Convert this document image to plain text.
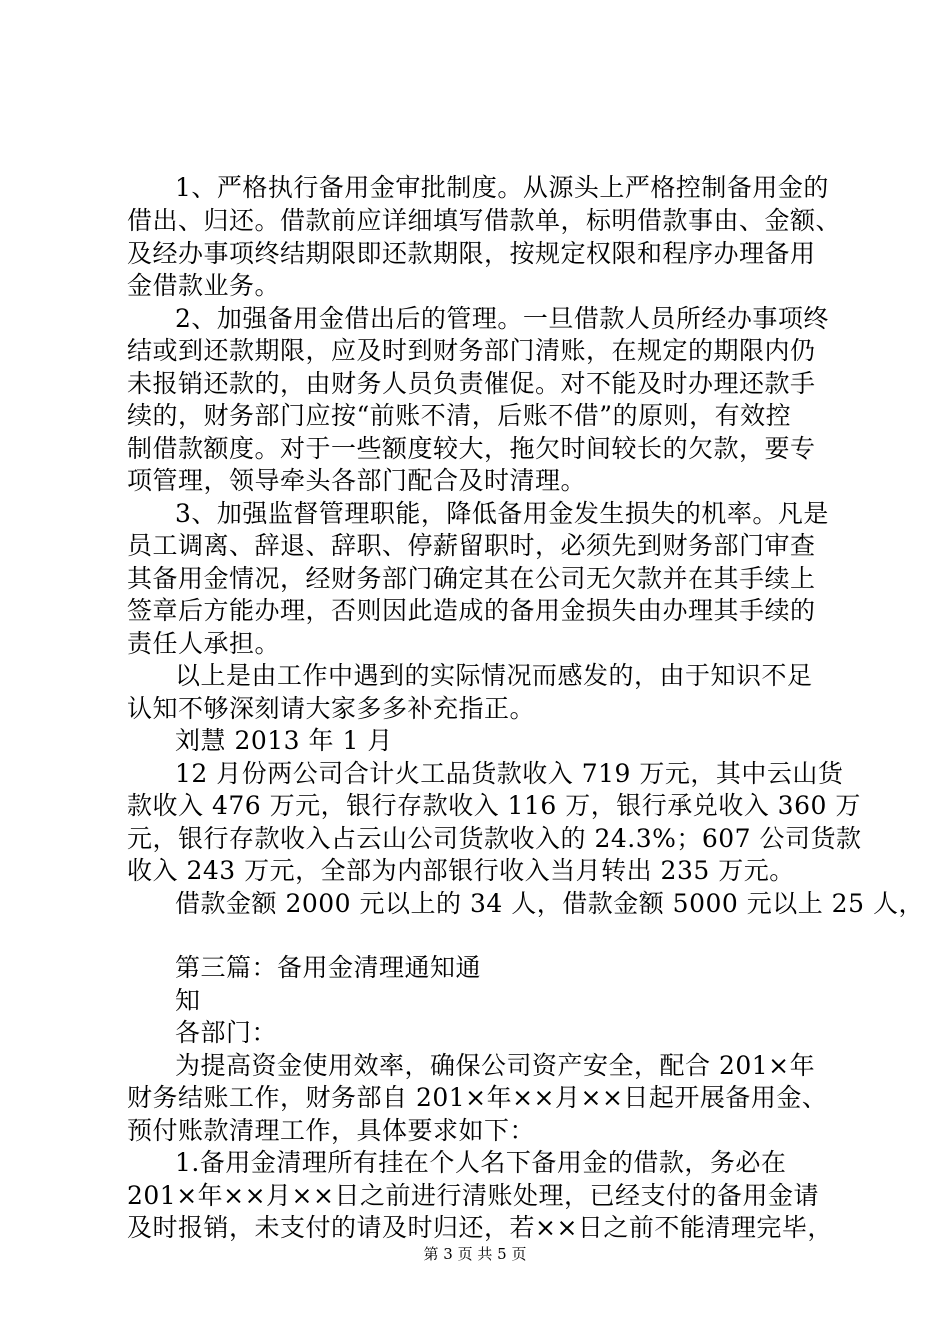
1、严格执行备用金审批制度。从源头上严格控制备用金的
借出、归还。借款前应详细填写借款单，标明借款事由、金额、
及经办事项终结期限即还款期限，按规定权限和程序办理备用
金借款业务。
2、加强备用金借出后的管理。一旦借款人员所经办事项终
结或到还款期限，应及时到财务部门清账，在规定的期限内仍
未报销还款的，由财务人员负责催促。对不能及时办理还款手
续的，财务部门应按“前账不清，后账不借”的原则，有效控
制借款额度。对于一些额度较大，拖欠时间较长的欠款，要专
项管理，领导牵头各部门配合及时清理。
3、加强监督管理职能，降低备用金发生损失的机率。凡是
员工调离、辞退、辞职、停薪留职时，必须先到财务部门审查
其备用金情况，经财务部门确定其在公司无欠款并在其手续上
签章后方能办理，否则因此造成的备用金损失由办理其手续的
责任人承担。
以上是由工作中遇到的实际情况而感发的，由于知识不足
认知不够深刻请大家多多补充指正。
刘慧 2013 年 1 月
12 月份两公司合计火工品货款收入 719 万元，其中云山货
款收入 476 万元，银行存款收入 116 万，银行承兑收入 360 万
元，银行存款收入占云山公司货款收入的 24.3%；607 公司货款
收入 243 万元，全部为内部银行收入当月转出 235 万元。
借款金额 2000 元以上的 34 人，借款金额 5000 元以上 25 人，
第三篇：备用金清理通知通
知
各部门：
为提高资金使用效率，确保公司资产安全，配合 201×年
财务结账工作，财务部自 201×年××月××日起开展备用金、
预付账款清理工作，具体要求如下：
1.备用金清理所有挂在个人名下备用金的借款，务必在
201×年××月××日之前进行清账处理，已经支付的备用金请
及时报销，未支付的请及时归还，若××日之前不能清理完毕，
第 3 页 共 5 页
